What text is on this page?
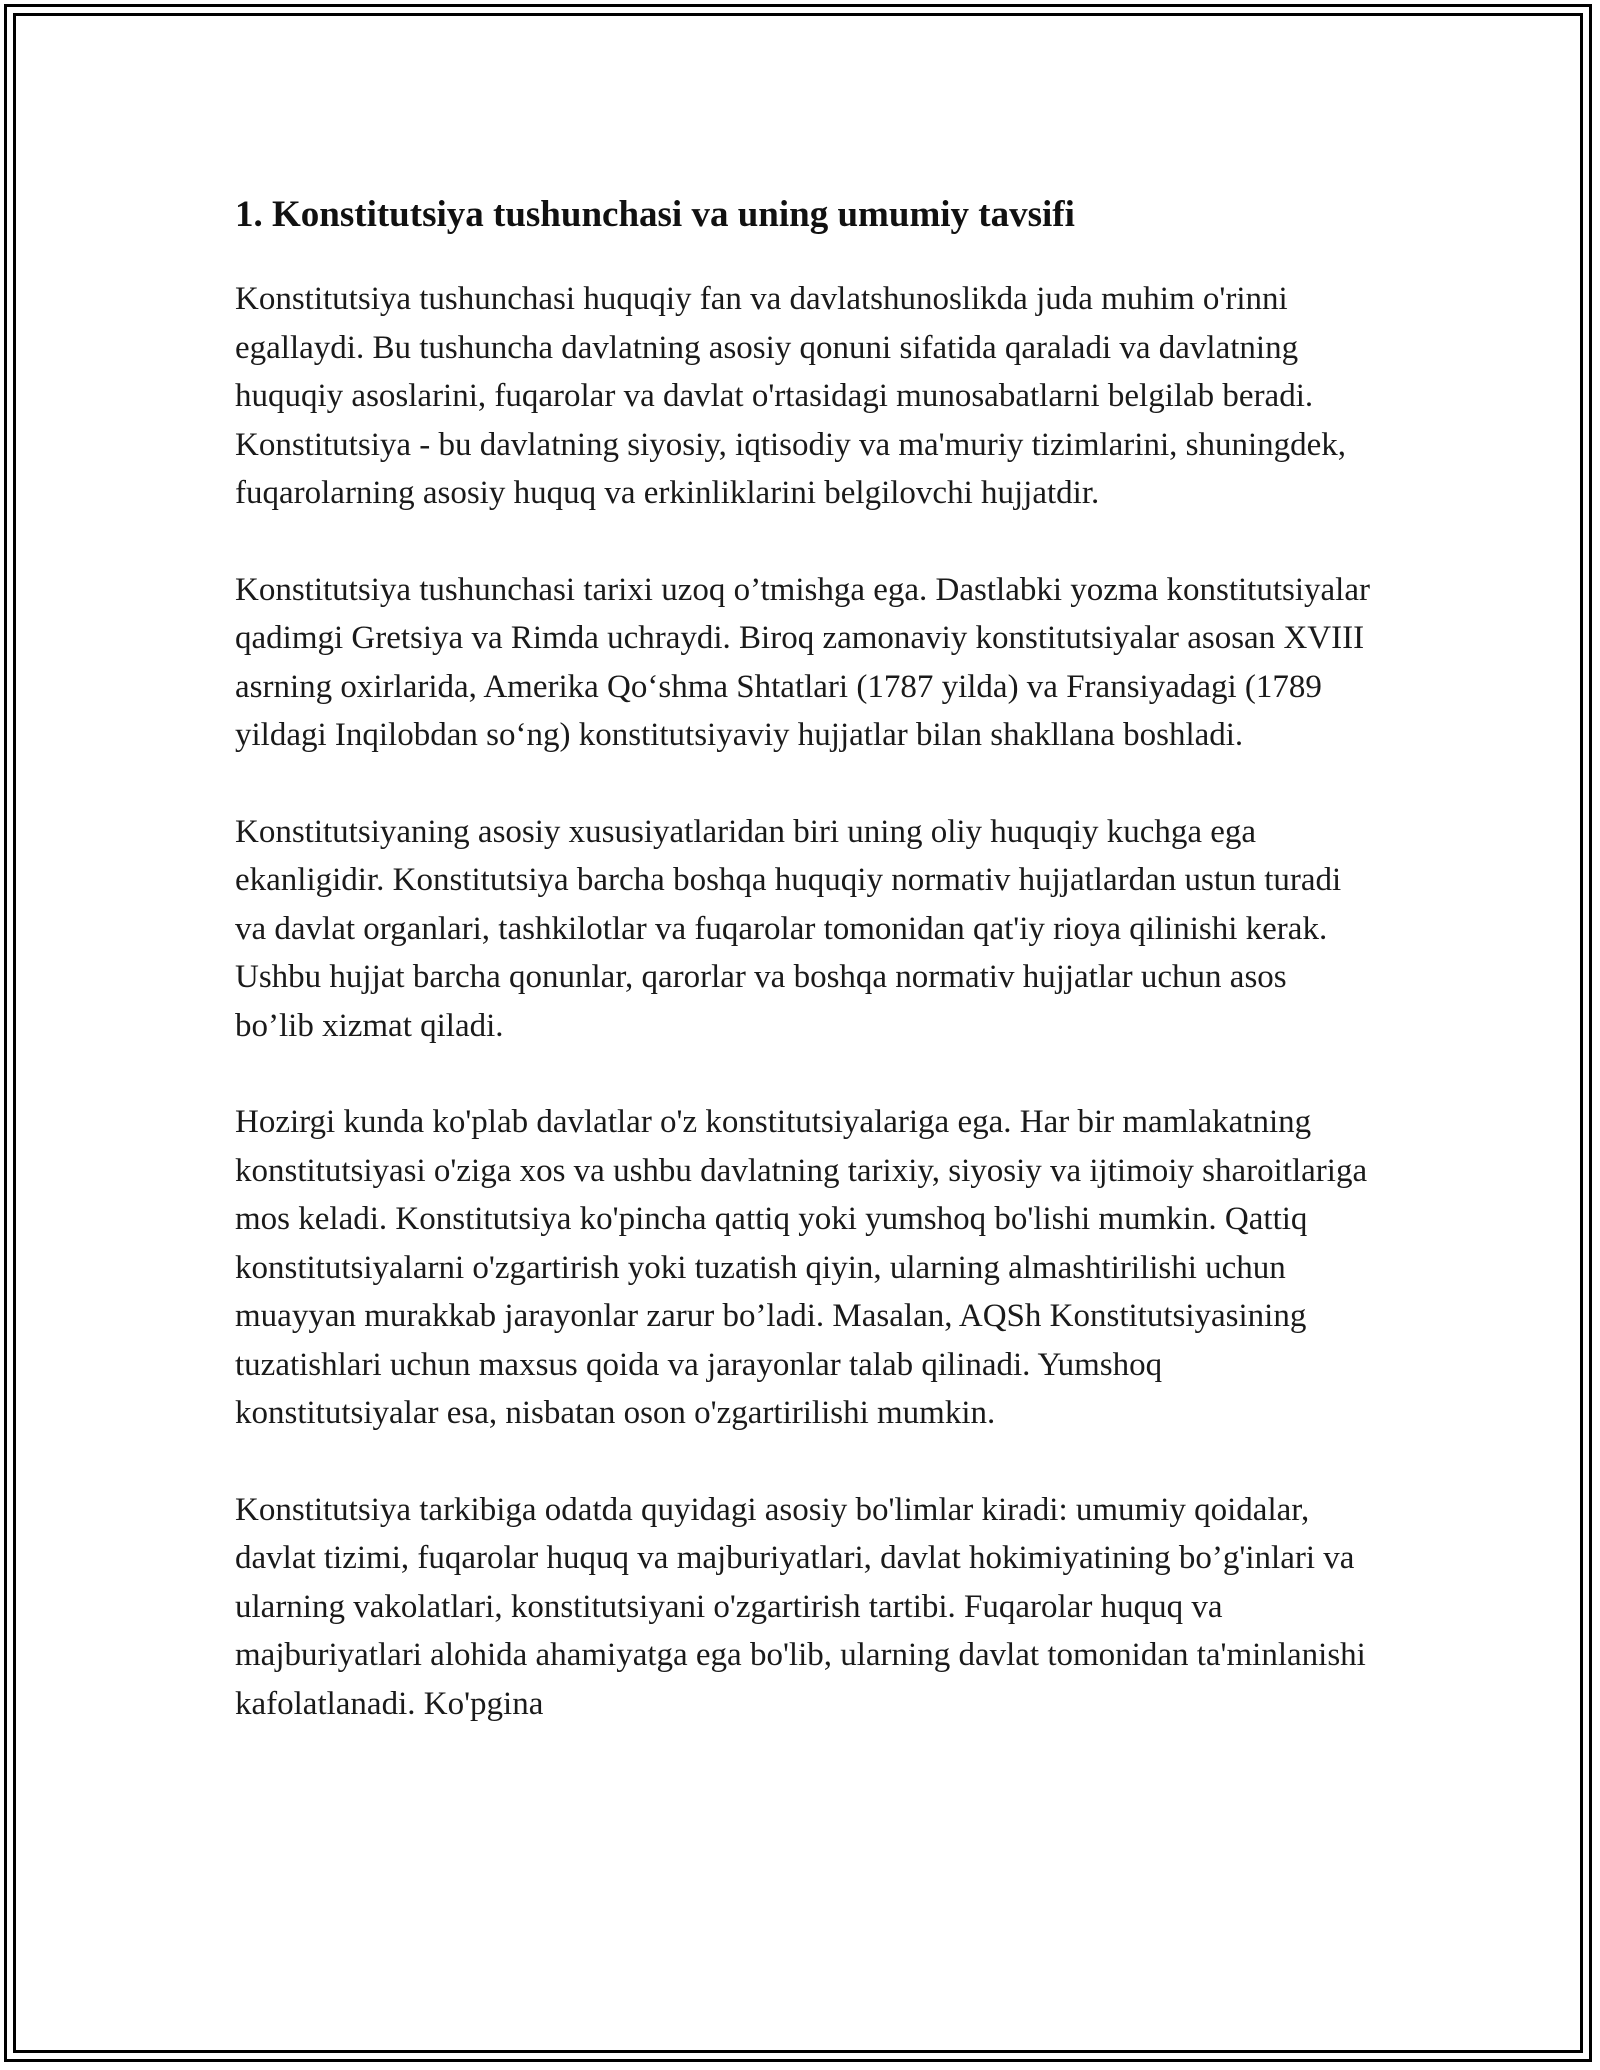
1. Konstitutsiya tushunchasi va uning umumiy tavsifi

Konstitutsiya tushunchasi huquqiy fan va davlatshunoslikda juda muhim o'rinni egallaydi. Bu tushuncha davlatning asosiy qonuni sifatida qaraladi va davlatning huquqiy asoslarini, fuqarolar va davlat o'rtasidagi munosabatlarni belgilab beradi. Konstitutsiya - bu davlatning siyosiy, iqtisodiy va ma'muriy tizimlarini, shuningdek, fuqarolarning asosiy huquq va erkinliklarini belgilovchi hujjatdir.

Konstitutsiya tushunchasi tarixi uzoq o’tmishga ega. Dastlabki yozma konstitutsiyalar qadimgi Gretsiya va Rimda uchraydi. Biroq zamonaviy konstitutsiyalar asosan XVIII asrning oxirlarida, Amerika Qo‘shma Shtatlari (1787 yilda) va Fransiyadagi (1789 yildagi Inqilobdan so‘ng) konstitutsiyaviy hujjatlar bilan shakllana boshladi.

Konstitutsiyaning asosiy xususiyatlaridan biri uning oliy huquqiy kuchga ega ekanligidir. Konstitutsiya barcha boshqa huquqiy normativ hujjatlardan ustun turadi va davlat organlari, tashkilotlar va fuqarolar tomonidan qat'iy rioya qilinishi kerak. Ushbu hujjat barcha qonunlar, qarorlar va boshqa normativ hujjatlar uchun asos bo’lib xizmat qiladi.

Hozirgi kunda ko'plab davlatlar o'z konstitutsiyalariga ega. Har bir mamlakatning konstitutsiyasi o'ziga xos va ushbu davlatning tarixiy, siyosiy va ijtimoiy sharoitlariga mos keladi. Konstitutsiya ko'pincha qattiq yoki yumshoq bo'lishi mumkin. Qattiq konstitutsiyalarni o'zgartirish yoki tuzatish qiyin, ularning almashtirilishi uchun muayyan murakkab jarayonlar zarur bo’ladi. Masalan, AQSh Konstitutsiyasining tuzatishlari uchun maxsus qoida va jarayonlar talab qilinadi. Yumshoq konstitutsiyalar esa, nisbatan oson o'zgartirilishi mumkin.

Konstitutsiya tarkibiga odatda quyidagi asosiy bo'limlar kiradi: umumiy qoidalar, davlat tizimi, fuqarolar huquq va majburiyatlari, davlat hokimiyatining bo’g'inlari va ularning vakolatlari, konstitutsiyani o'zgartirish tartibi. Fuqarolar huquq va majburiyatlari alohida ahamiyatga ega bo'lib, ularning davlat tomonidan ta'minlanishi kafolatlanadi. Ko'pgina
